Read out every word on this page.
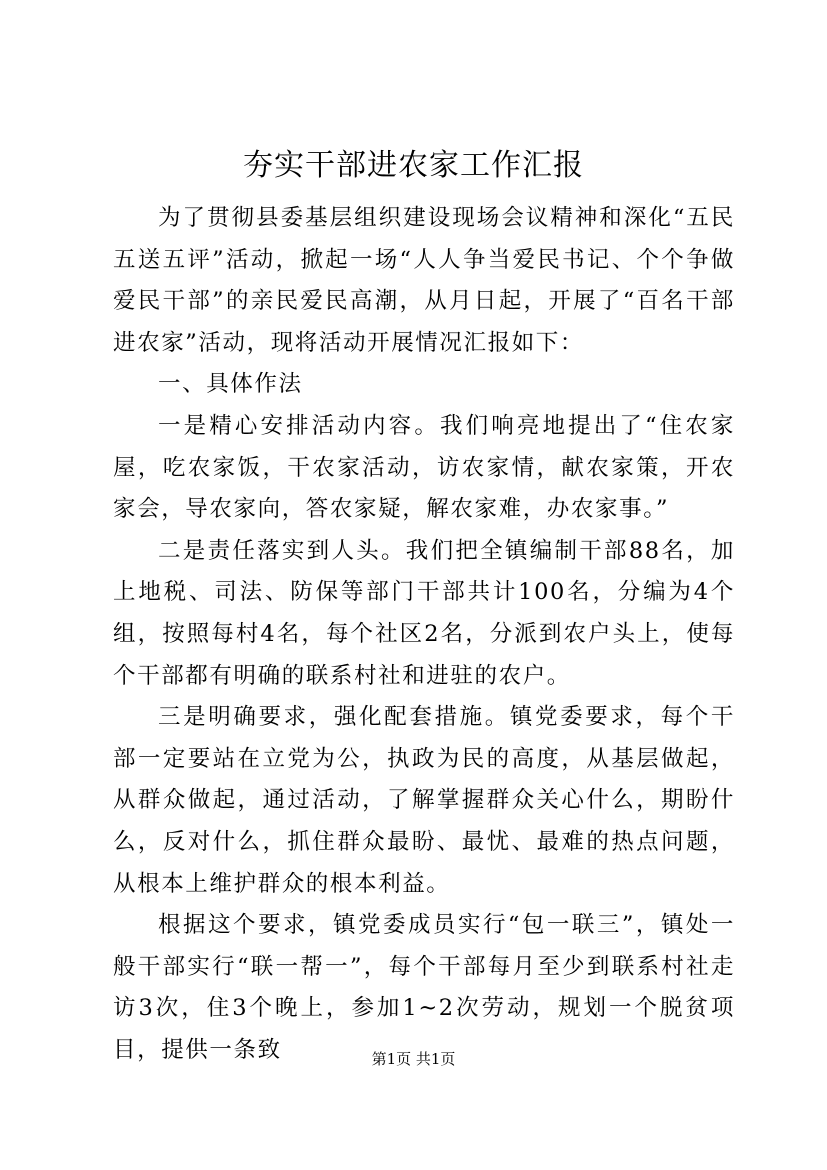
夯实干部进农家工作汇报

为了贯彻县委基层组织建设现场会议精神和深化“五民五送五评”活动，掀起一场“人人争当爱民书记、个个争做爱民干部”的亲民爱民高潮，从月日起，开展了“百名干部进农家”活动，现将活动开展情况汇报如下：

一、具体作法

一是精心安排活动内容。我们响亮地提出了“住农家屋，吃农家饭，干农家活动，访农家情，献农家策，开农家会，导农家向，答农家疑，解农家难，办农家事。”

二是责任落实到人头。我们把全镇编制干部88名，加上地税、司法、防保等部门干部共计100名，分编为4个组，按照每村4名，每个社区2名，分派到农户头上，使每个干部都有明确的联系村社和进驻的农户。

三是明确要求，强化配套措施。镇党委要求，每个干部一定要站在立党为公，执政为民的高度，从基层做起，从群众做起，通过活动，了解掌握群众关心什么，期盼什么，反对什么，抓住群众最盼、最忧、最难的热点问题，从根本上维护群众的根本利益。

根据这个要求，镇党委成员实行“包一联三”，镇处一般干部实行“联一帮一”，每个干部每月至少到联系村社走访3次，住3个晚上，参加1~2次劳动，规划一个脱贫项目，提供一条致	第1页 共1页
